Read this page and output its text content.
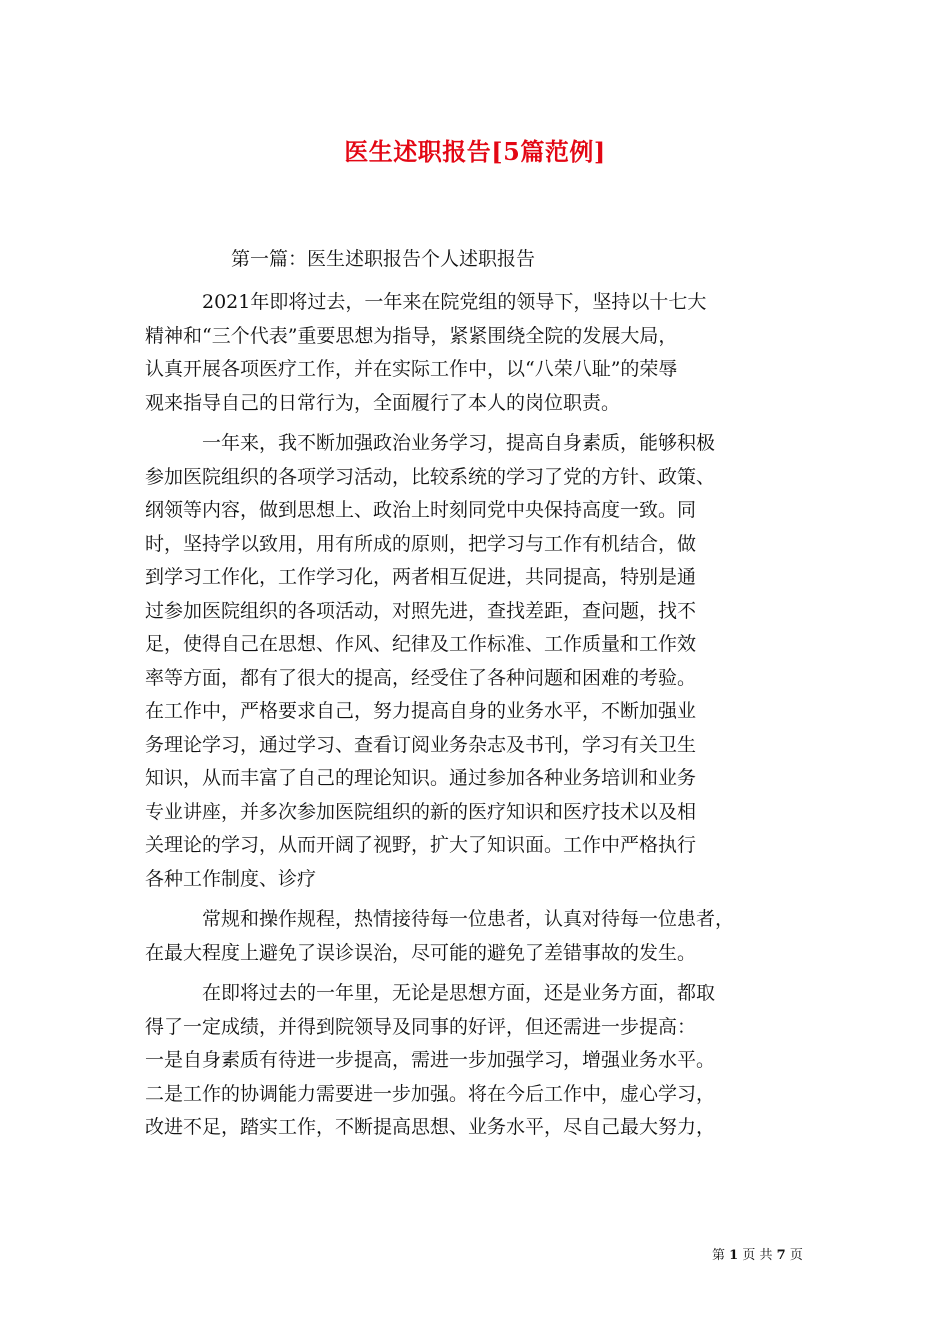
医生述职报告[5篇范例]
第一篇：医生述职报告个人述职报告
2021年即将过去，一年来在院党组的领导下，坚持以十七大
精神和“三个代表”重要思想为指导，紧紧围绕全院的发展大局，
认真开展各项医疗工作，并在实际工作中，以“八荣八耻”的荣辱
观来指导自己的日常行为，全面履行了本人的岗位职责。
一年来，我不断加强政治业务学习，提高自身素质，能够积极
参加医院组织的各项学习活动，比较系统的学习了党的方针、政策、
纲领等内容，做到思想上、政治上时刻同党中央保持高度一致。同
时，坚持学以致用，用有所成的原则，把学习与工作有机结合，做
到学习工作化，工作学习化，两者相互促进，共同提高，特别是通
过参加医院组织的各项活动，对照先进，查找差距，查问题，找不
足，使得自己在思想、作风、纪律及工作标准、工作质量和工作效
率等方面，都有了很大的提高，经受住了各种问题和困难的考验。
在工作中，严格要求自己，努力提高自身的业务水平，不断加强业
务理论学习，通过学习、查看订阅业务杂志及书刊，学习有关卫生
知识，从而丰富了自己的理论知识。通过参加各种业务培训和业务
专业讲座，并多次参加医院组织的新的医疗知识和医疗技术以及相
关理论的学习，从而开阔了视野，扩大了知识面。工作中严格执行
各种工作制度、诊疗
常规和操作规程，热情接待每一位患者，认真对待每一位患者，
在最大程度上避免了误诊误治，尽可能的避免了差错事故的发生。
在即将过去的一年里，无论是思想方面，还是业务方面，都取
得了一定成绩，并得到院领导及同事的好评，但还需进一步提高：
一是自身素质有待进一步提高，需进一步加强学习，增强业务水平。
二是工作的协调能力需要进一步加强。将在今后工作中，虚心学习，
改进不足，踏实工作，不断提高思想、业务水平，尽自己最大努力，
第 1 页 共 7 页
